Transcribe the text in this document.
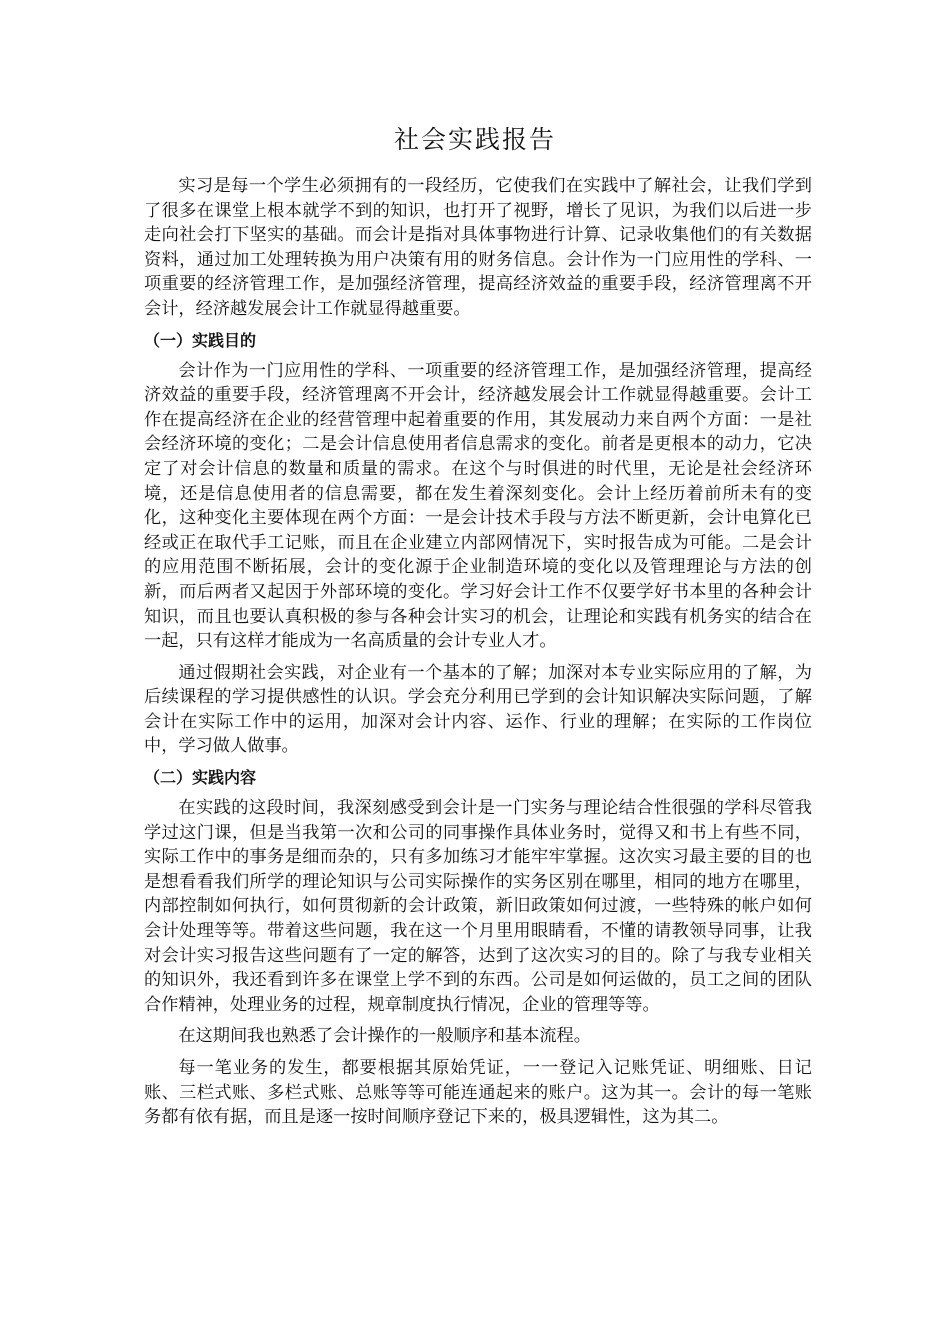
社会实践报告

实习是每一个学生必须拥有的一段经历，它使我们在实践中了解社会，让我们学到了很多在课堂上根本就学不到的知识，也打开了视野，增长了见识，为我们以后进一步走向社会打下坚实的基础。而会计是指对具体事物进行计算、记录收集他们的有关数据资料，通过加工处理转换为用户决策有用的财务信息。会计作为一门应用性的学科、一项重要的经济管理工作，是加强经济管理，提高经济效益的重要手段，经济管理离不开会计，经济越发展会计工作就显得越重要。

（一）实践目的

会计作为一门应用性的学科、一项重要的经济管理工作，是加强经济管理，提高经济效益的重要手段，经济管理离不开会计，经济越发展会计工作就显得越重要。会计工作在提高经济在企业的经营管理中起着重要的作用，其发展动力来自两个方面：一是社会经济环境的变化；二是会计信息使用者信息需求的变化。前者是更根本的动力，它决定了对会计信息的数量和质量的需求。在这个与时俱进的时代里，无论是社会经济环境，还是信息使用者的信息需要，都在发生着深刻变化。会计上经历着前所未有的变化，这种变化主要体现在两个方面：一是会计技术手段与方法不断更新，会计电算化已经或正在取代手工记账，而且在企业建立内部网情况下，实时报告成为可能。二是会计的应用范围不断拓展，会计的变化源于企业制造环境的变化以及管理理论与方法的创新，而后两者又起因于外部环境的变化。学习好会计工作不仅要学好书本里的各种会计知识，而且也要认真积极的参与各种会计实习的机会，让理论和实践有机务实的结合在一起，只有这样才能成为一名高质量的会计专业人才。

通过假期社会实践，对企业有一个基本的了解；加深对本专业实际应用的了解，为后续课程的学习提供感性的认识。学会充分利用已学到的会计知识解决实际问题，了解会计在实际工作中的运用，加深对会计内容、运作、行业的理解；在实际的工作岗位中，学习做人做事。

（二）实践内容

在实践的这段时间，我深刻感受到会计是一门实务与理论结合性很强的学科尽管我学过这门课，但是当我第一次和公司的同事操作具体业务时，觉得又和书上有些不同，实际工作中的事务是细而杂的，只有多加练习才能牢牢掌握。这次实习最主要的目的也是想看看我们所学的理论知识与公司实际操作的实务区别在哪里，相同的地方在哪里，内部控制如何执行，如何贯彻新的会计政策，新旧政策如何过渡，一些特殊的帐户如何会计处理等等。带着这些问题，我在这一个月里用眼睛看，不懂的请教领导同事，让我对会计实习报告这些问题有了一定的解答，达到了这次实习的目的。除了与我专业相关的知识外，我还看到许多在课堂上学不到的东西。公司是如何运做的，员工之间的团队合作精神，处理业务的过程，规章制度执行情况，企业的管理等等。

在这期间我也熟悉了会计操作的一般顺序和基本流程。

每一笔业务的发生，都要根据其原始凭证，一一登记入记账凭证、明细账、日记账、三栏式账、多栏式账、总账等等可能连通起来的账户。这为其一。会计的每一笔账务都有依有据，而且是逐一按时间顺序登记下来的，极具逻辑性，这为其二。
